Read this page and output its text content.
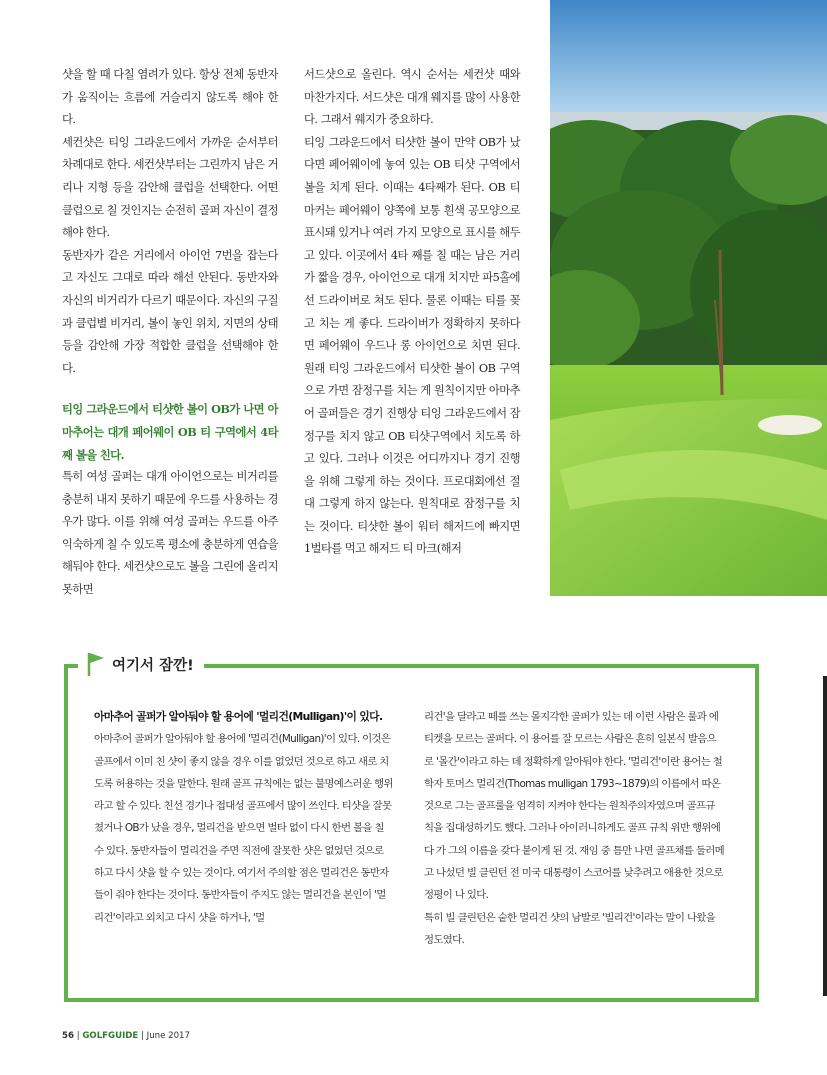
샷을 할 때 다칠 염려가 있다. 항상 전체 동반자가 움직이는 흐름에 거슬리지 않도록 해야 한다.

세컨샷은 티잉 그라운드에서 가까운 순서부터 차례대로 한다. 세컨샷부터는 그린까지 남은 거리나 지형 등을 감안해 클럽을 선택한다. 어떤 클럽으로 칠 것인지는 순전히 골퍼 자신이 결정해야 한다.

동반자가 같은 거리에서 아이언 7번을 잡는다고 자신도 그대로 따라 해선 안된다. 동반자와 자신의 비거리가 다르기 때문이다. 자신의 구질과 클럽별 비거리, 볼이 놓인 위치, 지면의 상태 등을 감안해 가장 적합한 클럽을 선택해야 한다.

티잉 그라운드에서 티샷한 볼이 OB가 나면 아마추어는 대개 페어웨이 OB 티 구역에서 4타 째 볼을 친다.

특히 여성 골퍼는 대개 아이언으로는 비거리를 충분히 내지 못하기 때문에 우드를 사용하는 경우가 많다. 이를 위해 여성 골퍼는 우드를 아주 익숙하게 칠 수 있도록 평소에 충분하게 연습을 해둬야 한다. 세컨샷으로도 볼을 그린에 올리지 못하면

서드샷으로 올린다. 역시 순서는 세컨샷 때와 마찬가지다. 서드샷은 대개 웨지를 많이 사용한다. 그래서 웨지가 중요하다.

티잉 그라운드에서 티샷한 볼이 만약 OB가 났다면 페어웨이에 놓여 있는 OB 티샷 구역에서 볼을 치게 된다. 이때는 4타째가 된다. OB 티 마커는 페어웨이 양쪽에 보통 흰색 공모양으로 표시돼 있거나 여러 가지 모양으로 표시를 해두고 있다. 이곳에서 4타 째를 칠 때는 남은 거리가 짧을 경우, 아이언으로 대개 치지만 파5홀에선 드라이버로 쳐도 된다. 물론 이때는 티를 꽂고 치는 게 좋다. 드라이버가 정확하지 못하다면 페어웨이 우드나 롱 아이언으로 치면 된다. 원래 티잉 그라운드에서 티샷한 볼이 OB 구역으로 가면 잠정구를 치는 게 원칙이지만 아마추어 골퍼들은 경기 진행상 티잉 그라운드에서 잠정구를 치지 않고 OB 티샷구역에서 치도록 하고 있다. 그러나 이것은 어디까지나 경기 진행을 위해 그렇게 하는 것이다. 프로대회에선 절대 그렇게 하지 않는다. 원칙대로 잠정구를 치는 것이다. 티샷한 볼이 워터 해저드에 빠지면 1벌타를 먹고 해저드 티 마크(해저

여기서 잠깐!

아마추어 골퍼가 알아둬야 할 용어에 '멀리건(Mulligan)'이 있다.

아마추어 골퍼가 알아둬야 할 용어에 '멀리건(Mulligan)'이 있다. 이것은 골프에서 이미 친 샷이 좋지 않을 경우 이를 없었던 것으로 하고 새로 치도록 허용하는 것을 말한다. 원래 골프 규칙에는 없는 불명예스러운 행위라고 할 수 있다. 친선 경기나 접대성 골프에서 많이 쓰인다. 티샷을 잘못쳤거나 OB가 났을 경우, 멀리건을 받으면 벌타 없이 다시 한번 볼을 칠 수 있다. 동반자들이 멀리건을 주면 직전에 잘못한 샷은 없었던 것으로 하고 다시 샷을 할 수 있는 것이다. 여기서 주의할 점은 멀리건은 동반자들이 줘야 한다는 것이다. 동반자들이 주지도 않는 멀리건을 본인이 '멀리건'이라고 외치고 다시 샷을 하거나, '멀

리건'을 달라고 떼를 쓰는 몰지각한 골퍼가 있는 데 이런 사람은 룰과 에티켓을 모르는 골퍼다. 이 용어를 잘 모르는 사람은 흔히 일본식 발음으로 '몰간'이라고 하는 데 정확하게 알아둬야 한다. '멀리건'이란 용어는 철학자 토머스 멀리건(Thomas mulligan 1793~1879)의 이름에서 따온 것으로 그는 골프룰을 엄격히 지켜야 한다는 원칙주의자였으며 골프규칙을 집대성하기도 했다. 그러나 아이러니하게도 골프 규칙 위반 행위에다 가 그의 이름을 갖다 붙이게 된 것. 재임 중 틈만 나면 골프채를 둘러메고 나섰던 빌 클린턴 전 미국 대통령이 스코어를 낮추려고 애용한 것으로 정평이 나 있다.

특히 빌 클린턴은 숱한 멀리건 샷의 남발로 '빌리건'이라는 말이 나왔을 정도였다.

56 | GOLFGUIDE | June 2017
